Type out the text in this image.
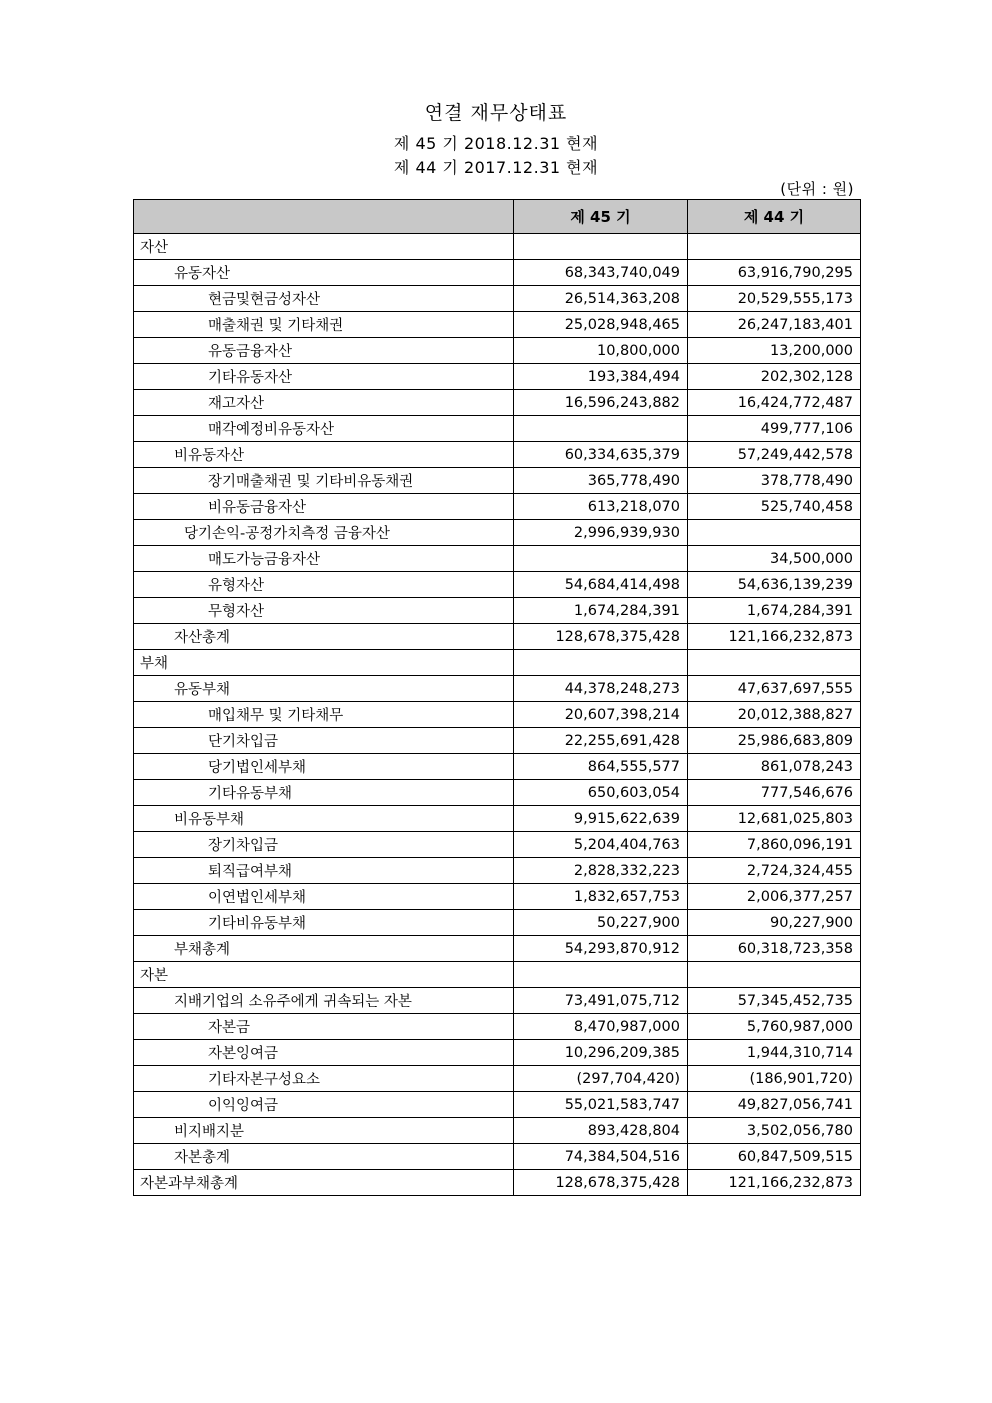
연결 재무상태표
제 45 기 2018.12.31 현재
제 44 기 2017.12.31 현재
(단위 : 원)
	제 45 기	제 44 기
자산		
유동자산	68,343,740,049	63,916,790,295
현금및현금성자산	26,514,363,208	20,529,555,173
매출채권 및 기타채권	25,028,948,465	26,247,183,401
유동금융자산	10,800,000	13,200,000
기타유동자산	193,384,494	202,302,128
재고자산	16,596,243,882	16,424,772,487
매각예정비유동자산		499,777,106
비유동자산	60,334,635,379	57,249,442,578
장기매출채권 및 기타비유동채권	365,778,490	378,778,490
비유동금융자산	613,218,070	525,740,458
당기손익-공정가치측정 금융자산	2,996,939,930	
매도가능금융자산		34,500,000
유형자산	54,684,414,498	54,636,139,239
무형자산	1,674,284,391	1,674,284,391
자산총계	128,678,375,428	121,166,232,873
부채		
유동부채	44,378,248,273	47,637,697,555
매입채무 및 기타채무	20,607,398,214	20,012,388,827
단기차입금	22,255,691,428	25,986,683,809
당기법인세부채	864,555,577	861,078,243
기타유동부채	650,603,054	777,546,676
비유동부채	9,915,622,639	12,681,025,803
장기차입금	5,204,404,763	7,860,096,191
퇴직급여부채	2,828,332,223	2,724,324,455
이연법인세부채	1,832,657,753	2,006,377,257
기타비유동부채	50,227,900	90,227,900
부채총계	54,293,870,912	60,318,723,358
자본		
지배기업의 소유주에게 귀속되는 자본	73,491,075,712	57,345,452,735
자본금	8,470,987,000	5,760,987,000
자본잉여금	10,296,209,385	1,944,310,714
기타자본구성요소	(297,704,420)	(186,901,720)
이익잉여금	55,021,583,747	49,827,056,741
비지배지분	893,428,804	3,502,056,780
자본총계	74,384,504,516	60,847,509,515
자본과부채총계	128,678,375,428	121,166,232,873
